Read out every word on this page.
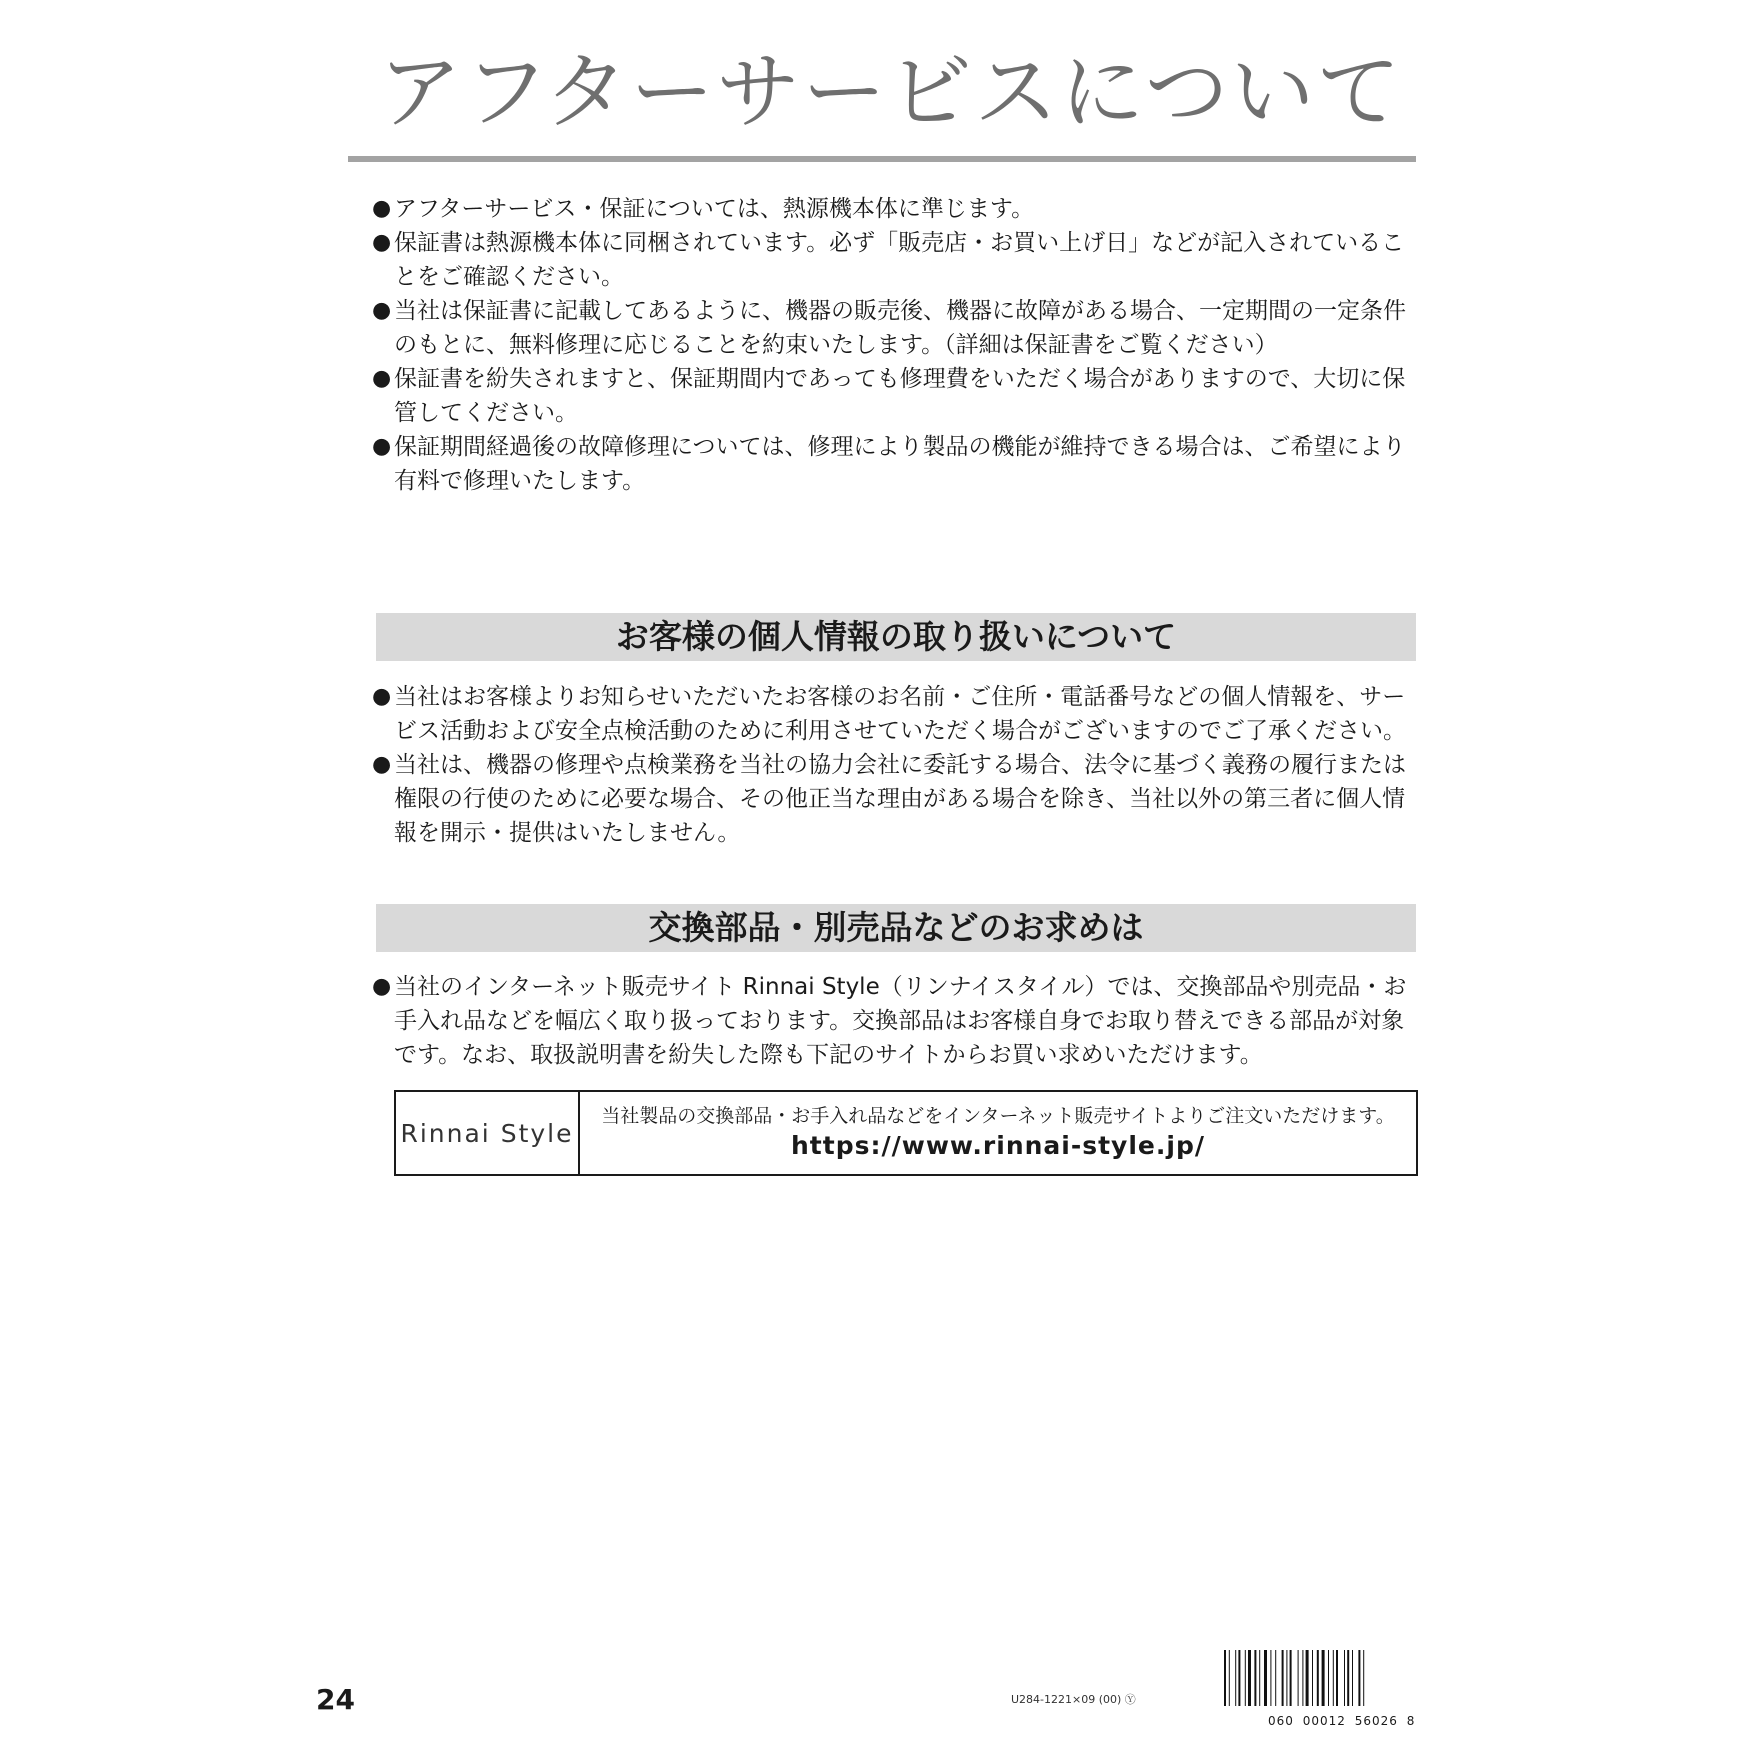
アフターサービスについて
● アフターサービス・保証については、熱源機本体に準じます。
● 保証書は熱源機本体に同梱されています。必ず「販売店・お買い上げ日」などが記入されていることをご確認ください。
● 当社は保証書に記載してあるように、機器の販売後、機器に故障がある場合、一定期間の一定条件のもとに、無料修理に応じることを約束いたします。（詳細は保証書をご覧ください）
● 保証書を紛失されますと、保証期間内であっても修理費をいただく場合がありますので、大切に保管してください。
● 保証期間経過後の故障修理については、修理により製品の機能が維持できる場合は、ご希望により有料で修理いたします。
お客様の個人情報の取り扱いについて
● 当社はお客様よりお知らせいただいたお客様のお名前・ご住所・電話番号などの個人情報を、サービス活動および安全点検活動のために利用させていただく場合がございますのでご了承ください。
● 当社は、機器の修理や点検業務を当社の協力会社に委託する場合、法令に基づく義務の履行または権限の行使のために必要な場合、その他正当な理由がある場合を除き、当社以外の第三者に個人情報を開示・提供はいたしません。
交換部品・別売品などのお求めは
● 当社のインターネット販売サイト Rinnai Style（リンナイスタイル）では、交換部品や別売品・お手入れ品などを幅広く取り扱っております。交換部品はお客様自身でお取り替えできる部品が対象です。なお、取扱説明書を紛失した際も下記のサイトからお買い求めいただけます。
Rinnai Style
当社製品の交換部品・お手入れ品などをインターネット販売サイトよりご注文いただけます。
https://www.rinnai-style.jp/
24	U284-1221×09 (00) Ⓨ
060 00012 56026 8
